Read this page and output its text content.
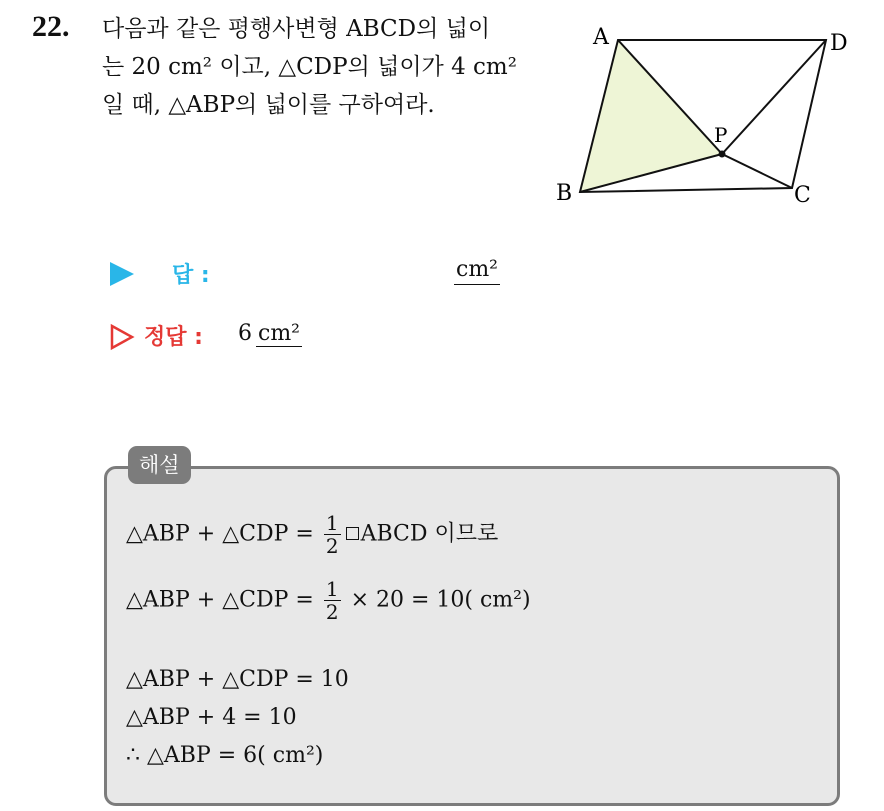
22. 다음과 같은 평행사변형 ABCD의 넓이
는 20 cm² 이고, △CDP의 넓이가 4 cm²
일 때, △ABP의 넓이를 구하여라.
A	D
P
B	C
답 :	cm²
정답 : 6 cm²
해설
△ABP + △CDP = $\frac{1}{2}$ ABCD 이므로
△ABP + △CDP = $\frac{1}{2} \times 20 = 10$( cm²)
△ABP + △CDP = 10
△ABP + 4 = 10
∴ △ABP = 6( cm²)
